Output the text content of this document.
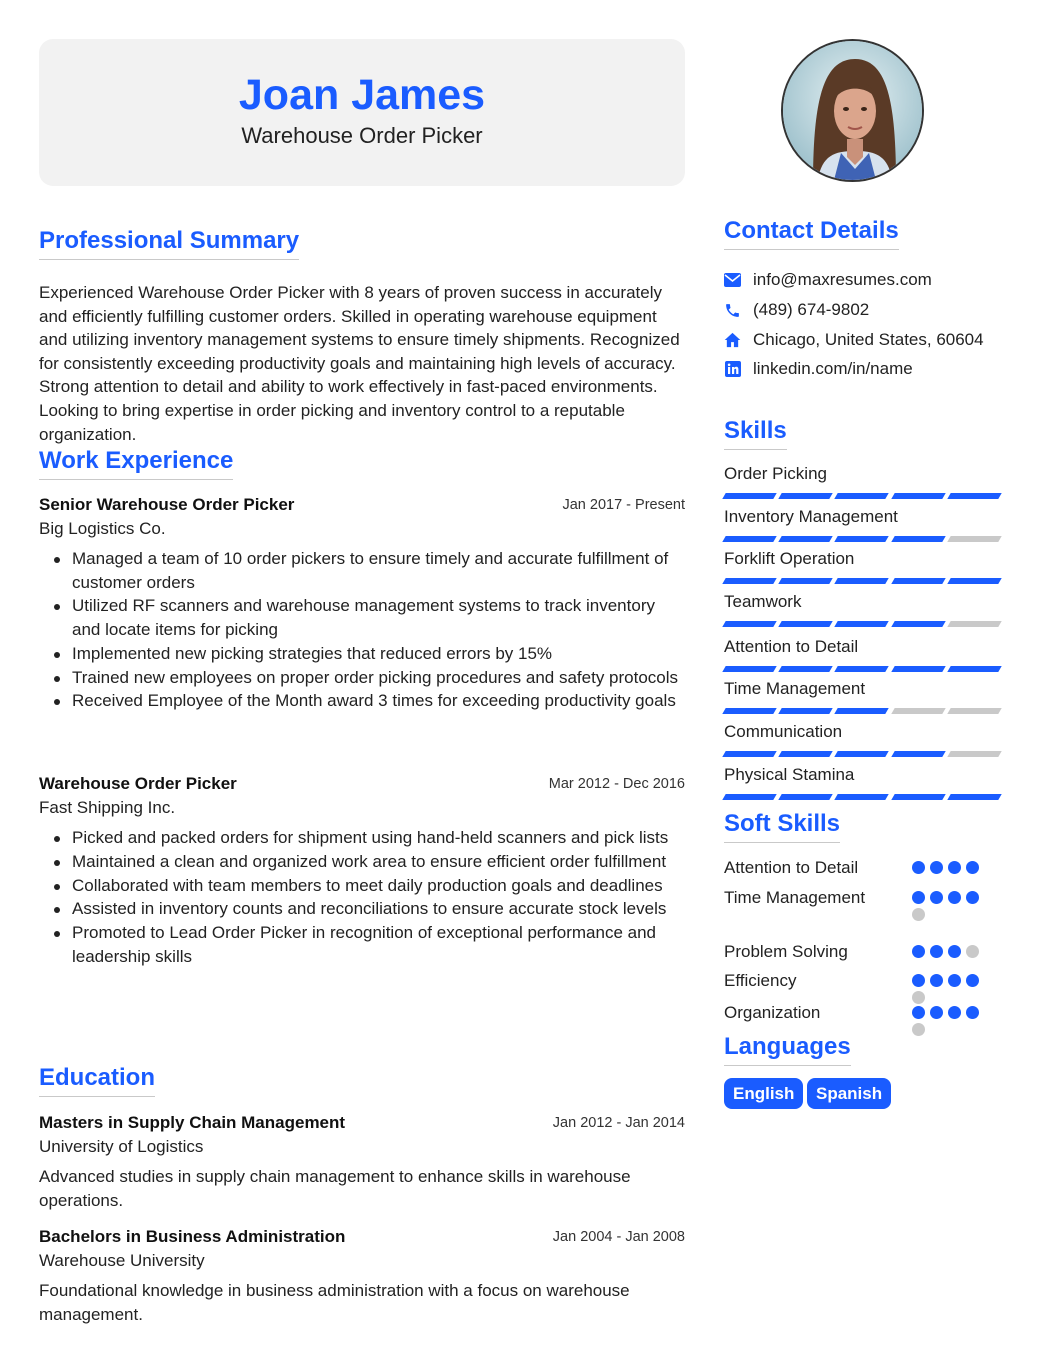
Joan James
Warehouse Order Picker
Professional Summary
Experienced Warehouse Order Picker with 8 years of proven success in accurately and efficiently fulfilling customer orders. Skilled in operating warehouse equipment and utilizing inventory management systems to ensure timely shipments. Recognized for consistently exceeding productivity goals and maintaining high levels of accuracy. Strong attention to detail and ability to work effectively in fast-paced environments. Looking to bring expertise in order picking and inventory control to a reputable organization.
Work Experience
Senior Warehouse Order Picker	Jan 2017 - Present
Big Logistics Co.
Managed a team of 10 order pickers to ensure timely and accurate fulfillment of customer orders
Utilized RF scanners and warehouse management systems to track inventory and locate items for picking
Implemented new picking strategies that reduced errors by 15%
Trained new employees on proper order picking procedures and safety protocols
Received Employee of the Month award 3 times for exceeding productivity goals
Warehouse Order Picker	Mar 2012 - Dec 2016
Fast Shipping Inc.
Picked and packed orders for shipment using hand-held scanners and pick lists
Maintained a clean and organized work area to ensure efficient order fulfillment
Collaborated with team members to meet daily production goals and deadlines
Assisted in inventory counts and reconciliations to ensure accurate stock levels
Promoted to Lead Order Picker in recognition of exceptional performance and leadership skills
Education
Masters in Supply Chain Management	Jan 2012 - Jan 2014
University of Logistics
Advanced studies in supply chain management to enhance skills in warehouse operations.
Bachelors in Business Administration	Jan 2004 - Jan 2008
Warehouse University
Foundational knowledge in business administration with a focus on warehouse management.
Contact Details
info@maxresumes.com
(489) 674-9802
Chicago, United States, 60604
linkedin.com/in/name
Skills
Order Picking
Inventory Management
Forklift Operation
Teamwork
Attention to Detail
Time Management
Communication
Physical Stamina
Soft Skills
Attention to Detail
Time Management
Problem Solving
Efficiency
Organization
Languages
English	Spanish
